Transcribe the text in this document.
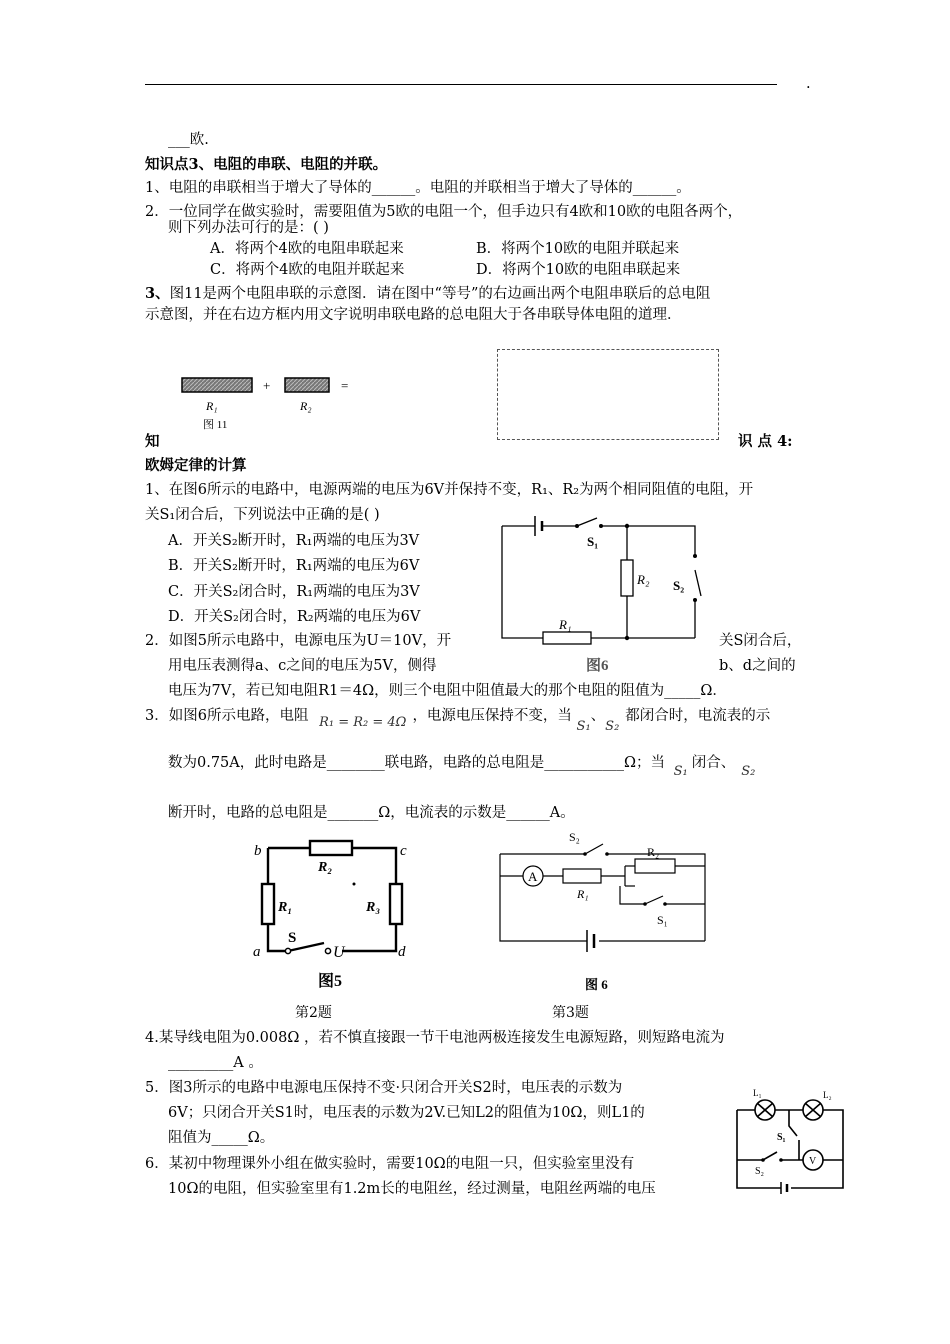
.
___欧.
知识点3、电阻的串联、电阻的并联。
1、电阻的串联相当于增大了导体的______。电阻的并联相当于增大了导体的______。
2．一位同学在做实验时，需要阻值为5欧的电阻一个，但手边只有4欧和10欧的电阻各两个，
则下列办法可行的是：( )
A．将两个4欧的电阻串联起来	B．将两个10欧的电阻并联起来
C．将两个4欧的电阻并联起来	D．将两个10欧的电阻串联起来
3、图11是两个电阻串联的示意图．请在图中“等号”的右边画出两个电阻串联后的总电阻
示意图，并在右边方框内用文字说明串联电路的总电阻大于各串联导体电阻的道理．
+	=
R₁	R₂
图 11
知	识 点 4:
欧姆定律的计算
1、在图6所示的电路中，电源两端的电压为6V并保持不变，R₁、R₂为两个相同阻值的电阻，开
关S₁闭合后，下列说法中正确的是( )
A．开关S₂断开时，R₁两端的电压为3V
B．开关S₂断开时，R₁两端的电压为6V
C．开关S₂闭合时，R₁两端的电压为3V
D．开关S₂闭合时，R₂两端的电压为6V
S₁
R₂ S₂
R₁
图6
2．如图5所示电路中，电源电压为U＝10V，开	关S闭合后，
用电压表测得a、c之间的电压为5V，侧得	b、d之间的
电压为7V，若已知电阻R1＝4Ω，则三个电阻中阻值最大的那个电阻的阻值为_____Ω．
3．如图6所示电路，电阻 R₁ = R₂ = 4Ω ，电源电压保持不变，当 S₁、S₂都闭合时，电流表的示
数为0.75A，此时电路是________联电路，电路的总电阻是___________Ω；当 S₁闭合、S₂
断开时，电路的总电阻是_______Ω，电流表的示数是______A。
b	c
a	d
R₂
R₁	R₃
S
U
图5
A
S₂
R₂
R₁
S₁
图 6
第2题	第3题
4.某导线电阻为0.008Ω ，若不慎直接跟一节干电池两极连接发生电源短路，则短路电流为
_________A 。
5．图3所示的电路中电源电压保持不变·只闭合开关S2时，电压表的示数为
6V；只闭合开关S1时，电压表的示数为2V.已知L2的阻值为10Ω，则L1的
阻值为_____Ω。
6．某初中物理课外小组在做实验时，需要10Ω的电阻一只，但实验室里没有
10Ω的电阻，但实验室里有1.2m长的电阻丝，经过测量，电阻丝两端的电压
L₁	L₂
S₁
S₂
V
